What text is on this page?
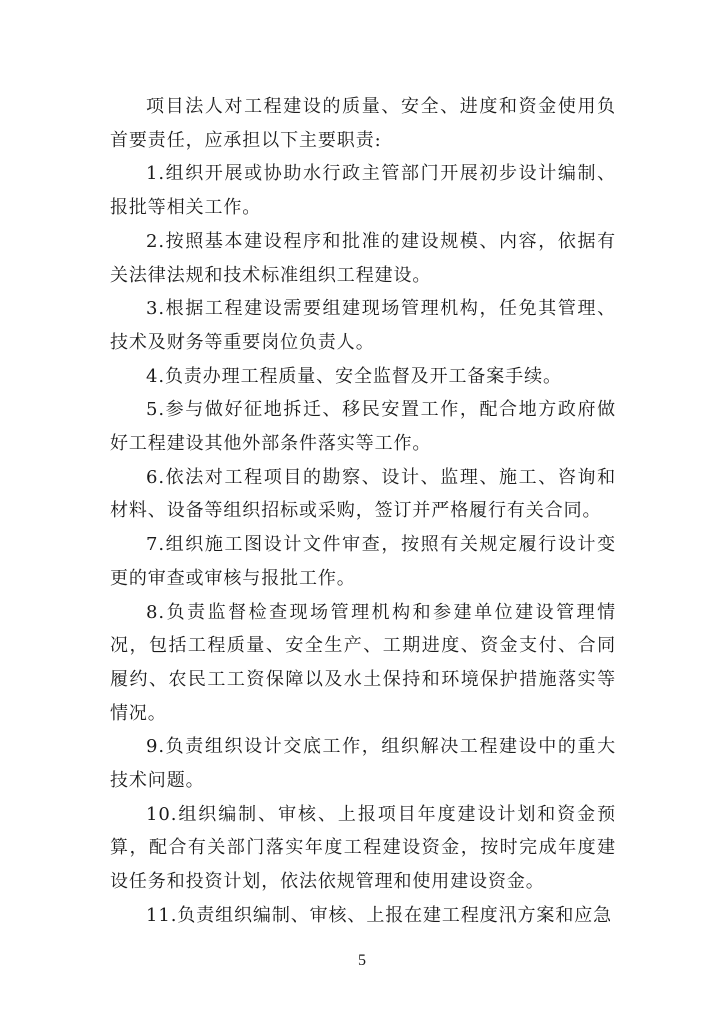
项目法人对工程建设的质量、安全、进度和资金使用负首要责任，应承担以下主要职责:

1.组织开展或协助水行政主管部门开展初步设计编制、报批等相关工作。

2.按照基本建设程序和批准的建设规模、内容，依据有关法律法规和技术标准组织工程建设。

3.根据工程建设需要组建现场管理机构，任免其管理、技术及财务等重要岗位负责人。

4.负责办理工程质量、安全监督及开工备案手续。

5.参与做好征地拆迁、移民安置工作，配合地方政府做好工程建设其他外部条件落实等工作。

6.依法对工程项目的勘察、设计、监理、施工、咨询和材料、设备等组织招标或采购，签订并严格履行有关合同。

7.组织施工图设计文件审查，按照有关规定履行设计变更的审查或审核与报批工作。

8.负责监督检查现场管理机构和参建单位建设管理情况，包括工程质量、安全生产、工期进度、资金支付、合同履约、农民工工资保障以及水土保持和环境保护措施落实等情况。

9.负责组织设计交底工作，组织解决工程建设中的重大技术问题。

10.组织编制、审核、上报项目年度建设计划和资金预算，配合有关部门落实年度工程建设资金，按时完成年度建设任务和投资计划，依法依规管理和使用建设资金。

11.负责组织编制、审核、上报在建工程度汛方案和应急

5
